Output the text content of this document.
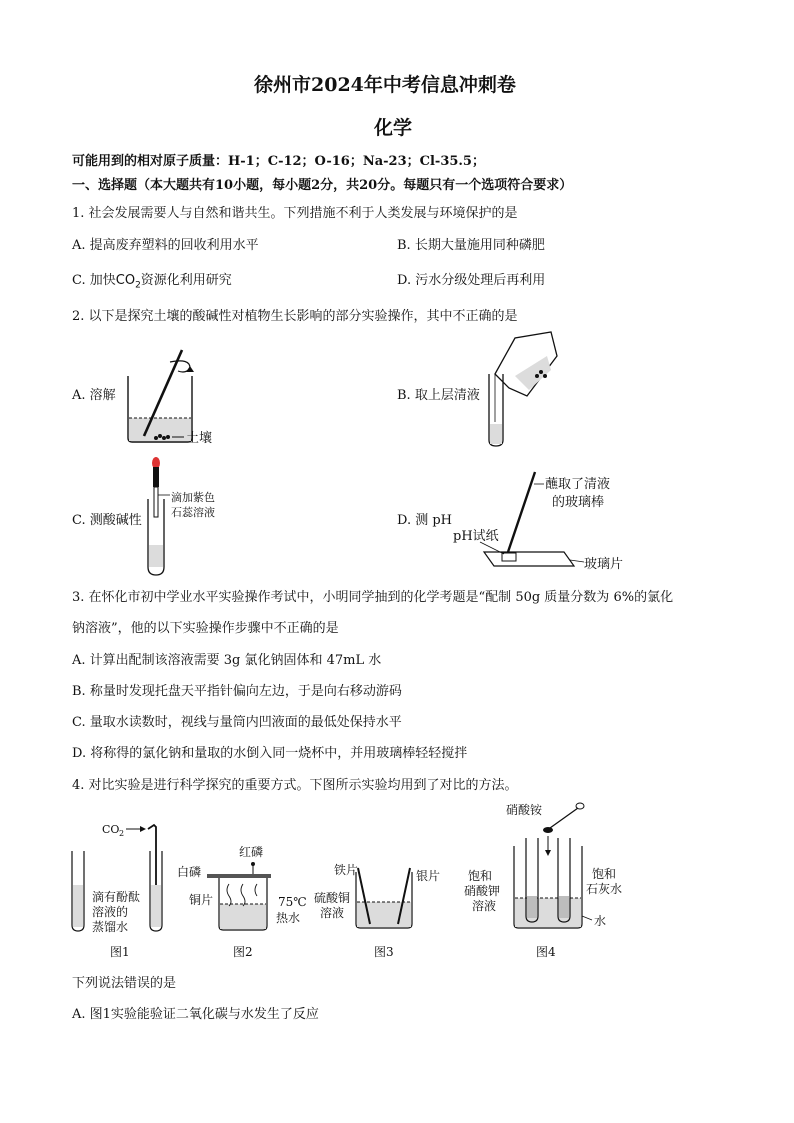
徐州市2024年中考信息冲刺卷
化学
可能用到的相对原子质量：H-1；C-12；O-16；Na-23；Cl-35.5；
一、选择题（本大题共有10小题，每小题2分，共20分。每题只有一个选项符合要求）
1. 社会发展需要人与自然和谐共生。下列措施不利于人类发展与环境保护的是
A. 提高废弃塑料的回收利用水平	B. 长期大量施用同种磷肥
C. 加快$CO_2$资源化利用研究	D. 污水分级处理后再利用
2. 以下是探究土壤的酸碱性对植物生长影响的部分实验操作，其中不正确的是
A. 溶解	B. 取上层清液
C. 测酸碱性	D. 测 pH
土壤
滴加紫色
石蕊溶液
蘸取了清液
的玻璃棒
pH试纸
玻璃片
3. 在怀化市初中学业水平实验操作考试中，小明同学抽到的化学考题是“配制 50g 质量分数为 6%的氯化
钠溶液”，他的以下实验操作步骤中不正确的是
A. 计算出配制该溶液需要 3g 氯化钠固体和 47mL 水
B. 称量时发现托盘天平指针偏向左边，于是向右移动游码
C. 量取水读数时，视线与量筒内凹液面的最低处保持水平
D. 将称得的氯化钠和量取的水倒入同一烧杯中，并用玻璃棒轻轻搅拌
4. 对比实验是进行科学探究的重要方式。下图所示实验均用到了对比的方法。
CO 2
滴有酚酞
溶液的
蒸馏水
图1
红磷
白磷
铜片	75℃
热水
图2
铁片	银片
硫酸铜
溶液
图3
硝酸铵
饱和
硝酸钾
溶液
饱和
石灰水
水
图4
下列说法错误的是
A. 图1实验能验证二氧化碳与水发生了反应
